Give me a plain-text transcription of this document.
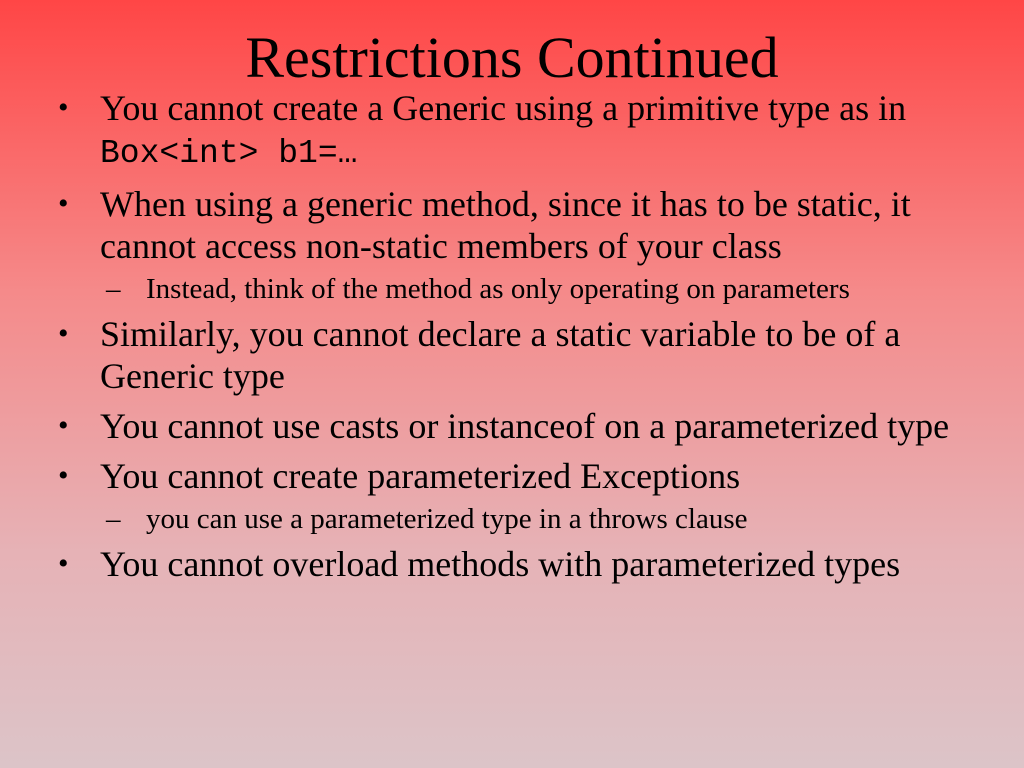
Restrictions Continued
• You cannot create a Generic using a primitive type as in Box<int> b1=…
• When using a generic method, since it has to be static, it cannot access non-static members of your class
– Instead, think of the method as only operating on parameters
• Similarly, you cannot declare a static variable to be of a Generic type
• You cannot use casts or instanceof on a parameterized type
• You cannot create parameterized Exceptions
– you can use a parameterized type in a throws clause
• You cannot overload methods with parameterized types
